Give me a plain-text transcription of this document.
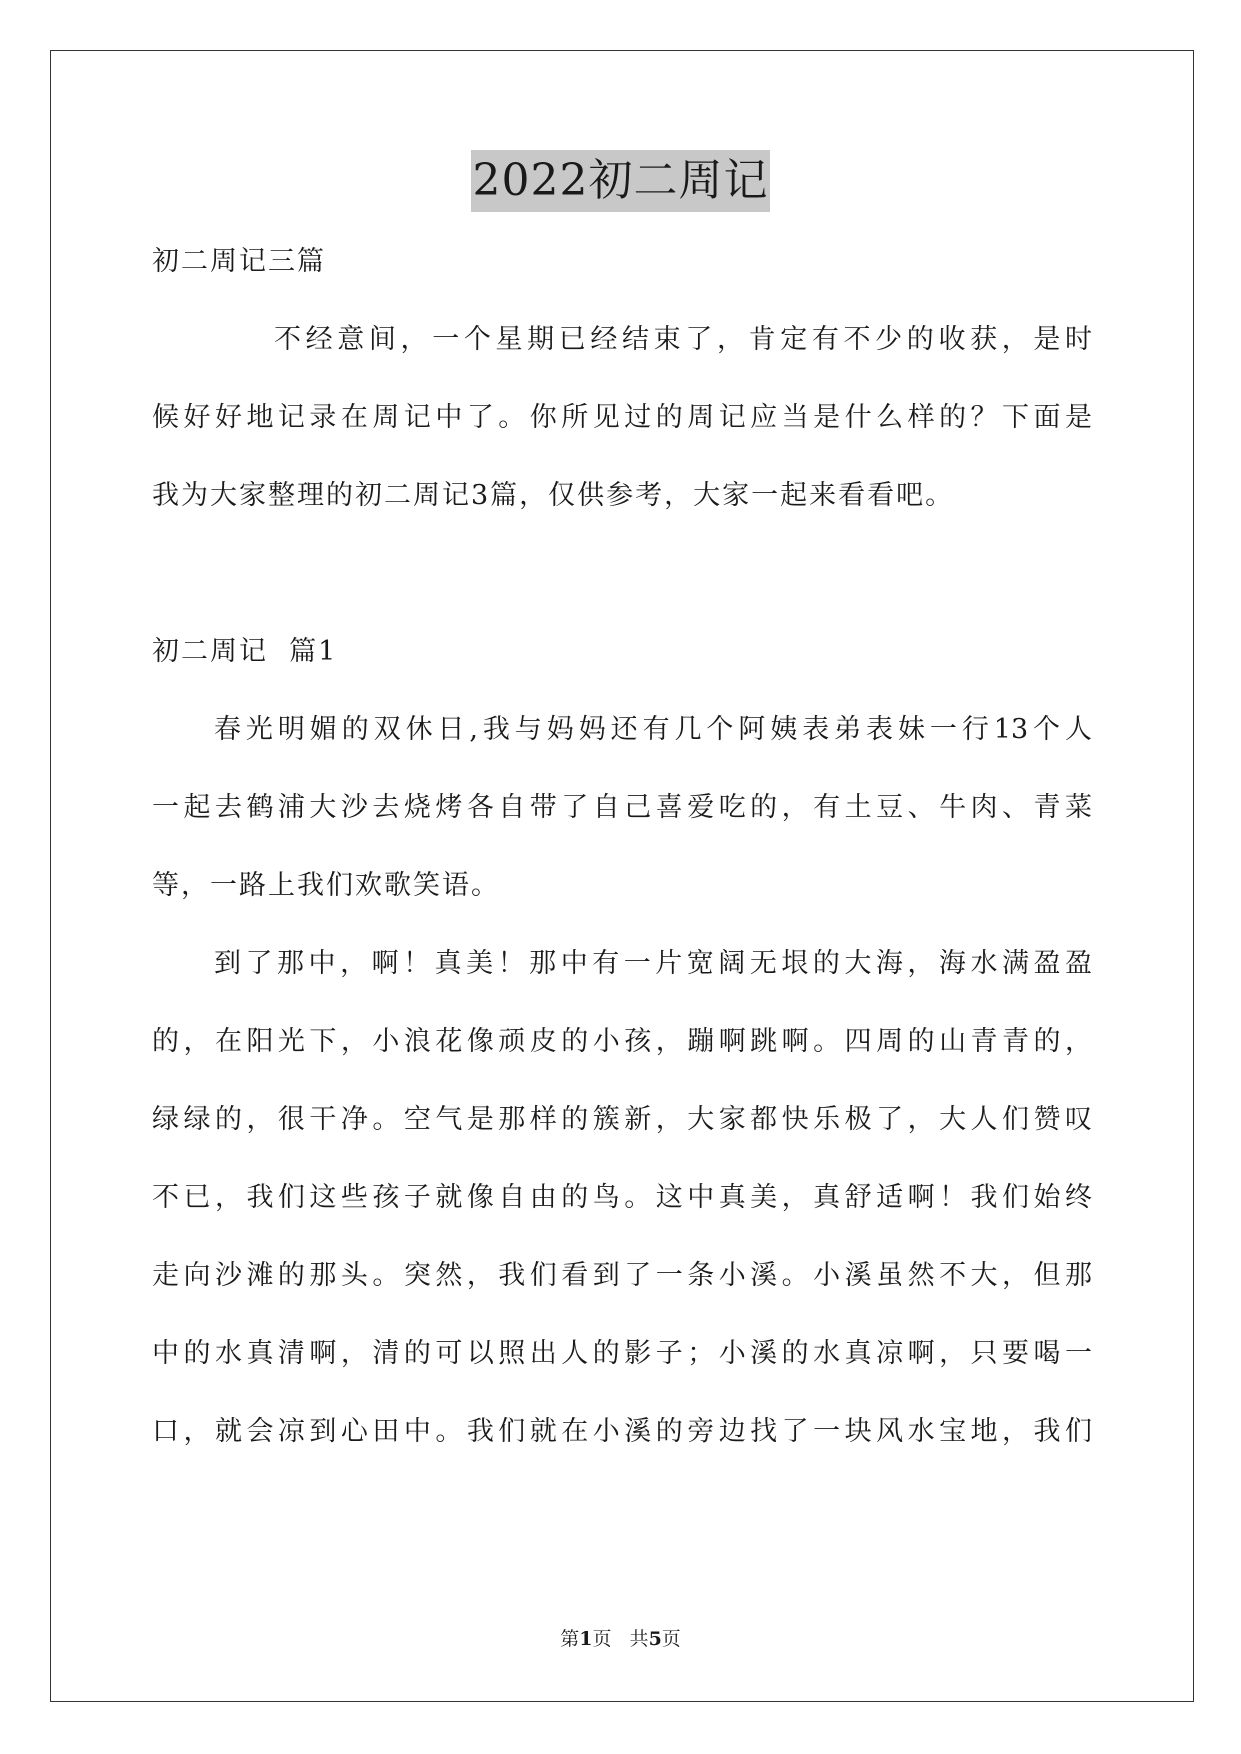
2022初二周记
初二周记三篇
不经意间，一个星期已经结束了，肯定有不少的收获，是时
候好好地记录在周记中了。你所见过的周记应当是什么样的？下面是
我为大家整理的初二周记3篇，仅供参考，大家一起来看看吧。
初二周记  篇1
春光明媚的双休日,我与妈妈还有几个阿姨表弟表妹一行13个人
一起去鹤浦大沙去烧烤各自带了自己喜爱吃的，有土豆、牛肉、青菜
等，一路上我们欢歌笑语。
到了那中，啊！真美！那中有一片宽阔无垠的大海，海水满盈盈
的，在阳光下，小浪花像顽皮的小孩，蹦啊跳啊。四周的山青青的，
绿绿的，很干净。空气是那样的簇新，大家都快乐极了，大人们赞叹
不已，我们这些孩子就像自由的鸟。这中真美，真舒适啊！我们始终
走向沙滩的那头。突然，我们看到了一条小溪。小溪虽然不大，但那
中的水真清啊，清的可以照出人的影子；小溪的水真凉啊，只要喝一
口，就会凉到心田中。我们就在小溪的旁边找了一块风水宝地，我们
第1页   共5页
